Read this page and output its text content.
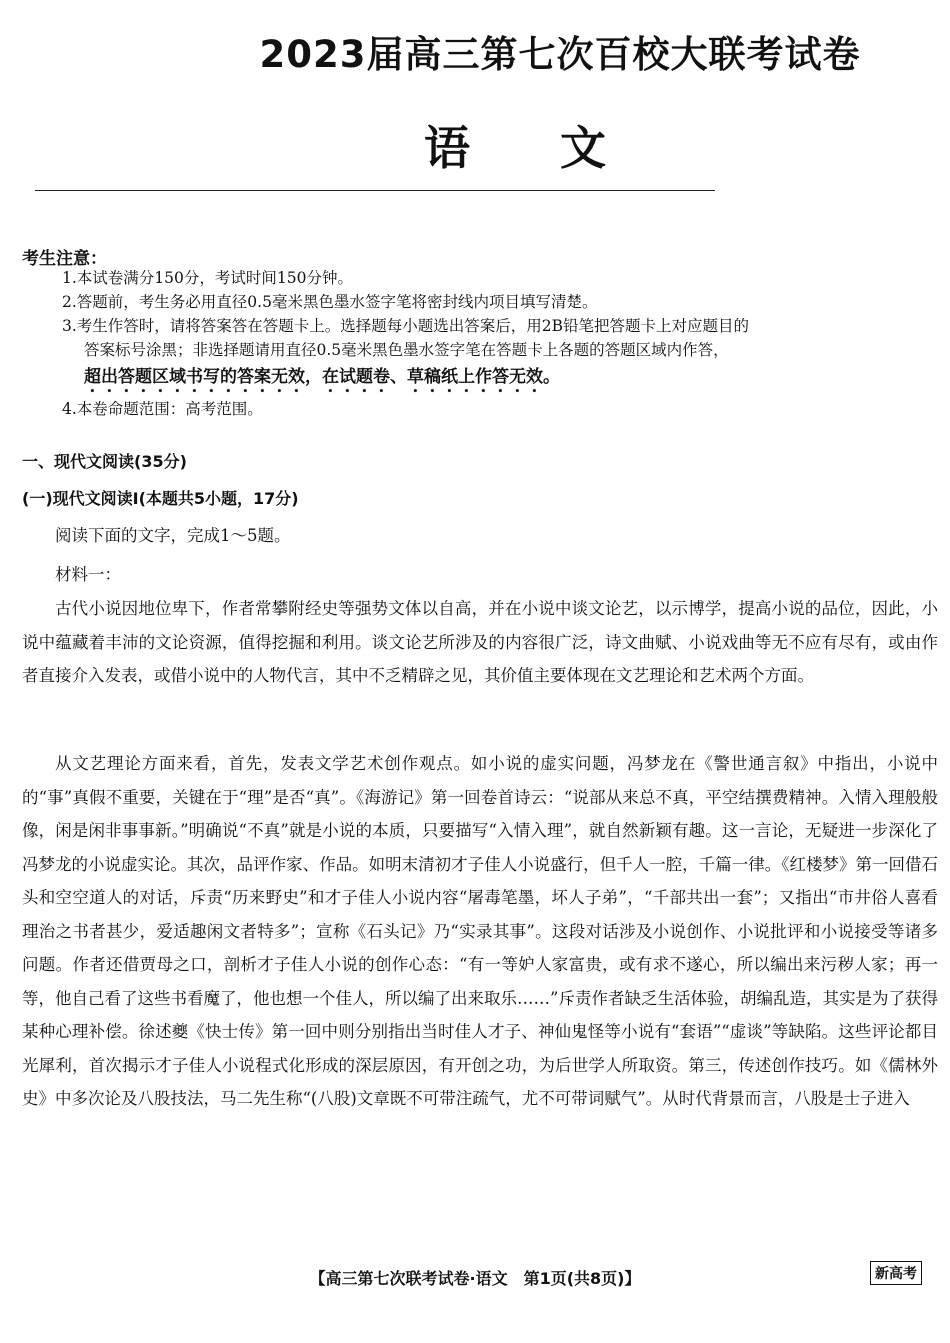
2023届高三第七次百校大联考试卷
语文
考生注意：
1.本试卷满分150分，考试时间150分钟。
2.答题前，考生务必用直径0.5毫米黑色墨水签字笔将密封线内项目填写清楚。
3.考生作答时，请将答案答在答题卡上。选择题每小题选出答案后，用2B铅笔把答题卡上对应题目的
答案标号涂黑；非选择题请用直径0.5毫米黑色墨水签字笔在答题卡上各题的答题区域内作答，
超出答题区域书写的答案无效，在试题卷、草稿纸上作答无效。
4.本卷命题范围：高考范围。
一、现代文阅读(35分)
(一)现代文阅读Ⅰ(本题共5小题，17分)

阅读下面的文字，完成1～5题。

材料一：

古代小说因地位卑下，作者常攀附经史等强势文体以自高，并在小说中谈文论艺，以示博学，提高小说的品位，因此，小说中蕴藏着丰沛的文论资源，值得挖掘和利用。谈文论艺所涉及的内容很广泛，诗文曲赋、小说戏曲等无不应有尽有，或由作者直接介入发表，或借小说中的人物代言，其中不乏精辟之见，其价值主要体现在文艺理论和艺术两个方面。

从文艺理论方面来看，首先，发表文学艺术创作观点。如小说的虚实问题，冯梦龙在《警世通言叙》中指出，小说中的“事”真假不重要，关键在于“理”是否“真”。《海游记》第一回卷首诗云：“说部从来总不真，平空结撰费精神。入情入理般般像，闲是闲非事事新。”明确说“不真”就是小说的本质，只要描写“入情入理”，就自然新颖有趣。这一言论，无疑进一步深化了冯梦龙的小说虚实论。其次，品评作家、作品。如明末清初才子佳人小说盛行，但千人一腔，千篇一律。《红楼梦》第一回借石头和空空道人的对话，斥责“历来野史”和才子佳人小说内容“屠毒笔墨，坏人子弟”，“千部共出一套”；又指出“市井俗人喜看理治之书者甚少，爱适趣闲文者特多”；宣称《石头记》乃“实录其事”。这段对话涉及小说创作、小说批评和小说接受等诸多问题。作者还借贾母之口，剖析才子佳人小说的创作心态：“有一等妒人家富贵，或有求不遂心，所以编出来污秽人家；再一等，他自己看了这些书看魔了，他也想一个佳人，所以编了出来取乐……”斥责作者缺乏生活体验，胡编乱造，其实是为了获得某种心理补偿。徐述夔《快士传》第一回中则分别指出当时佳人才子、神仙鬼怪等小说有“套语”“虚谈”等缺陷。这些评论都目光犀利，首次揭示才子佳人小说程式化形成的深层原因，有开创之功，为后世学人所取资。第三，传述创作技巧。如《儒林外史》中多次论及八股技法，马二先生称“(八股)文章既不可带注疏气，尤不可带词赋气”。从时代背景而言，八股是士子进入

【高三第七次联考试卷·语文　第1页(共8页)】	新高考
